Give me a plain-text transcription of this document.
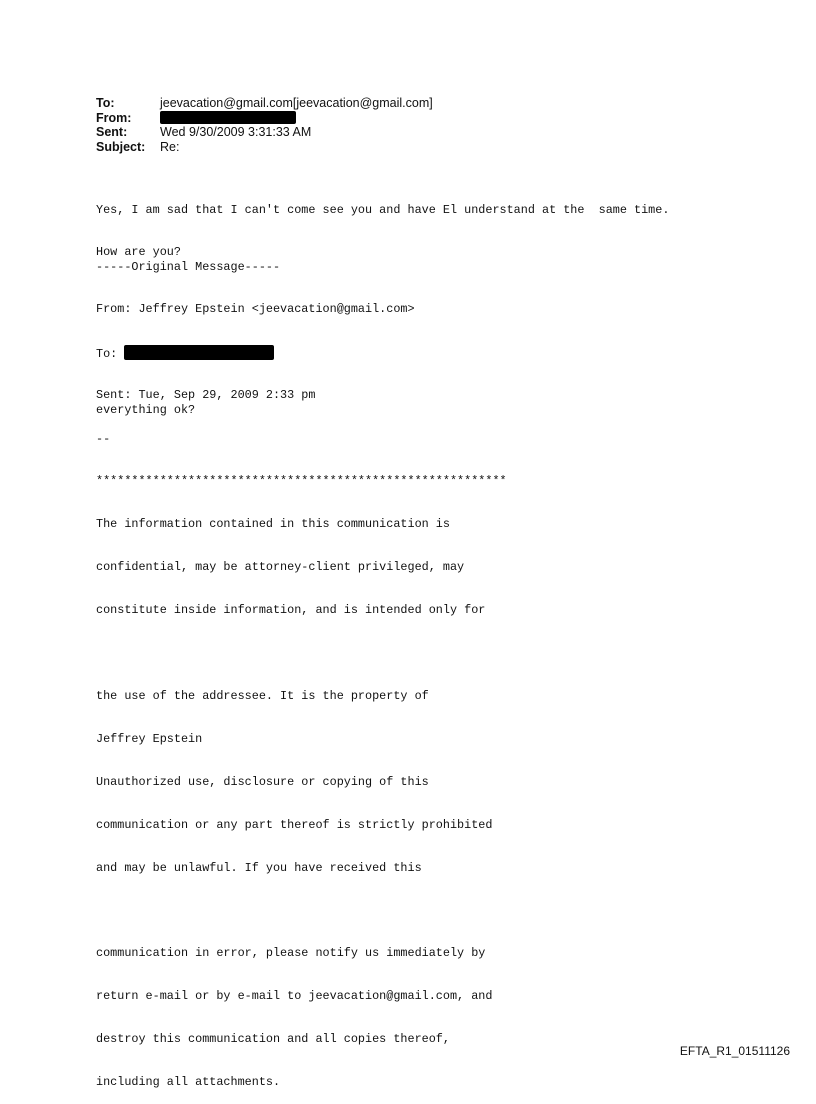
To:	jeevacation@gmail.com[jeevacation@gmail.com]
From:
Sent:	Wed 9/30/2009 3:31:33 AM
Subject:	Re:

Yes, I am sad that I can't come see you and have El understand at the  same time.

How are you?

-----Original Message-----

From: Jeffrey Epstein <jeevacation@gmail.com>

To:

Sent: Tue, Sep 29, 2009 2:33 pm

everything ok?

--

**********************************************************

The information contained in this communication is

confidential, may be attorney-client privileged, may

constitute inside information, and is intended only for

the use of the addressee. It is the property of

Jeffrey Epstein

Unauthorized use, disclosure or copying of this

communication or any part thereof is strictly prohibited

and may be unlawful. If you have received this

communication in error, please notify us immediately by

return e-mail or by e-mail to jeevacation@gmail.com, and

destroy this communication and all copies thereof,

including all attachments.

EFTA_R1_01511126
